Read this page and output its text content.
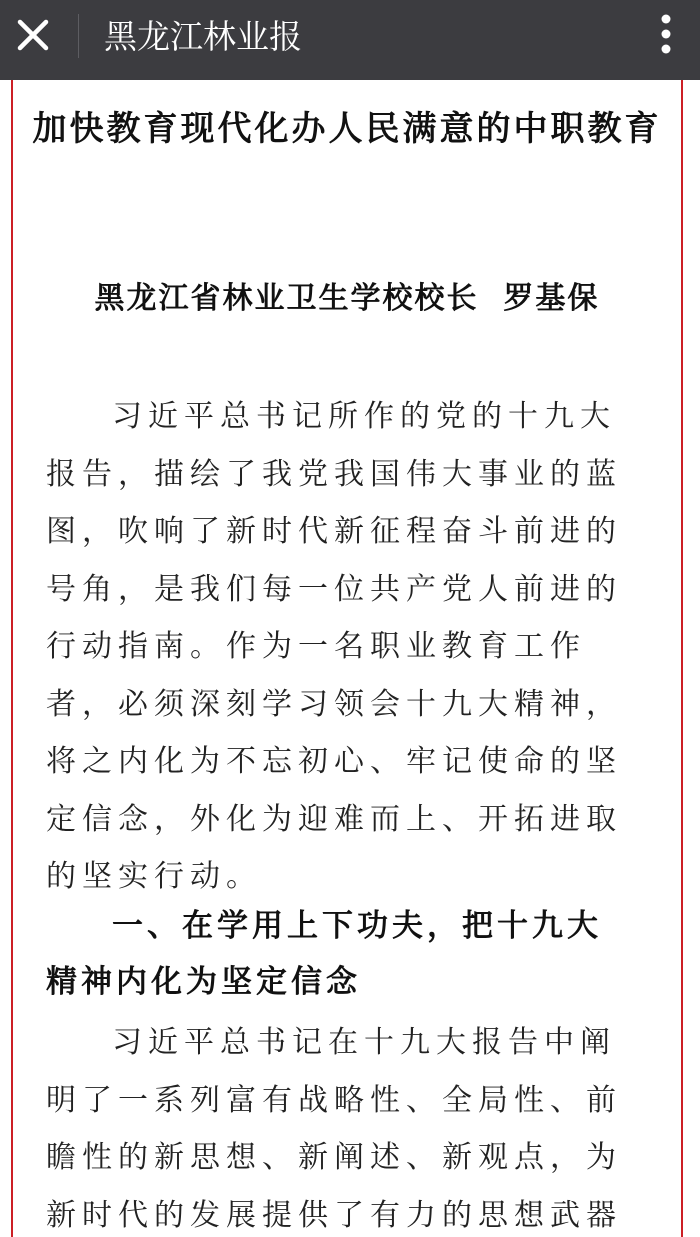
黑龙江林业报
加快教育现代化办人民满意的中职教育

黑龙江省林业卫生学校校长  罗基保

习近平总书记所作的党的十九大报告，描绘了我党我国伟大事业的蓝图，吹响了新时代新征程奋斗前进的号角，是我们每一位共产党人前进的行动指南。作为一名职业教育工作者，必须深刻学习领会十九大精神，将之内化为不忘初心、牢记使命的坚定信念，外化为迎难而上、开拓进取的坚实行动。

一、在学用上下功夫，把十九大精神内化为坚定信念

习近平总书记在十九大报告中阐明了一系列富有战略性、全局性、前瞻性的新思想、新阐述、新观点，为新时代的发展提供了有力的思想武器
